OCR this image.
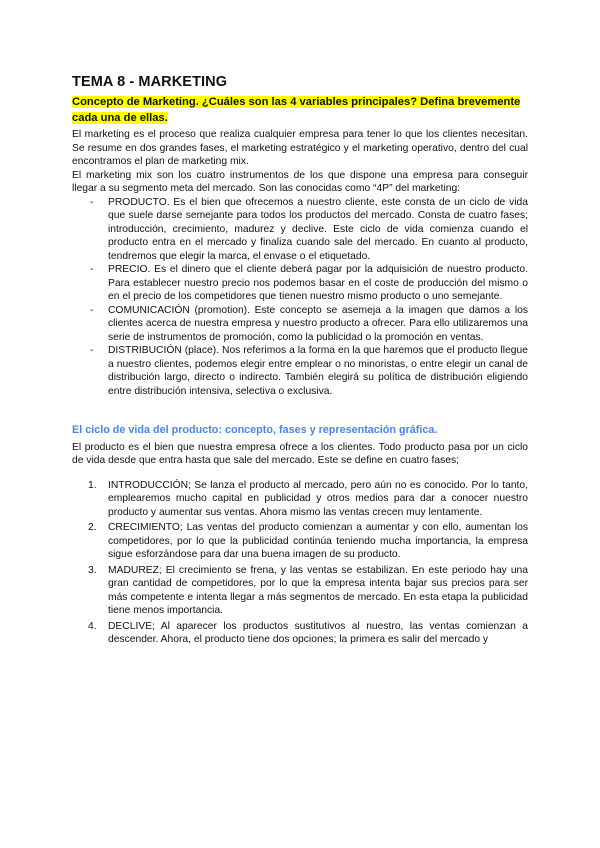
TEMA 8 - MARKETING
Concepto de Marketing. ¿Cuáles son las 4 variables principales? Defina brevemente cada una de ellas.

El marketing es el proceso que realiza cualquier empresa para tener lo que los clientes necesitan. Se resume en dos grandes fases, el marketing estratégico y el marketing operativo, dentro del cual encontramos el plan de marketing mix.

El marketing mix son los cuatro instrumentos de los que dispone una empresa para conseguir llegar a su segmento meta del mercado. Son las conocidas como “4P” del marketing:

- PRODUCTO. Es el bien que ofrecemos a nuestro cliente, este consta de un ciclo de vida que suele darse semejante para todos los productos del mercado. Consta de cuatro fases; introducción, crecimiento, madurez y declive. Este ciclo de vida comienza cuando el producto entra en el mercado y finaliza cuando sale del mercado. En cuanto al producto, tendremos que elegir la marca, el envase o el etiquetado.
- PRECIO. Es el dinero que el cliente deberá pagar por la adquisición de nuestro producto. Para establecer nuestro precio nos podemos basar en el coste de producción del mismo o en el precio de los competidores que tienen nuestro mismo producto o uno semejante.
- COMUNICACIÓN (promotion). Este concepto se asemeja a la imagen que damos a los clientes acerca de nuestra empresa y nuestro producto a ofrecer. Para ello utilizaremos una serie de instrumentos de promoción, como la publicidad o la promoción en ventas.
- DISTRIBUCIÓN (place). Nos referimos a la forma en la que haremos que el producto llegue a nuestro clientes, podemos elegir entre emplear o no minoristas, o entre elegir un canal de distribución largo, directo o indirecto. También elegirá su política de distribución eligiendo entre distribución intensiva, selectiva o exclusiva.
El ciclo de vida del producto: concepto, fases y representación gráfica.

El producto es el bien que nuestra empresa ofrece a los clientes. Todo producto pasa por un ciclo de vida desde que entra hasta que sale del mercado. Este se define en cuatro fases;

1. INTRODUCCIÓN; Se lanza el producto al mercado, pero aún no es conocido. Por lo tanto, emplearemos mucho capital en publicidad y otros medios para dar a conocer nuestro producto y aumentar sus ventas. Ahora mismo las ventas crecen muy lentamente.
2. CRECIMIENTO; Las ventas del producto comienzan a aumentar y con ello, aumentan los competidores, por lo que la publicidad continúa teniendo mucha importancia, la empresa sigue esforzándose para dar una buena imagen de su producto.
3. MADUREZ; El crecimiento se frena, y las ventas se estabilizan. En este periodo hay una gran cantidad de competidores, por lo que la empresa intenta bajar sus precios para ser más competente e intenta llegar a más segmentos de mercado. En esta etapa la publicidad tiene menos importancia.
4. DECLIVE; Al aparecer los productos sustitutivos al nuestro, las ventas comienzan a descender. Ahora, el producto tiene dos opciones; la primera es salir del mercado y
